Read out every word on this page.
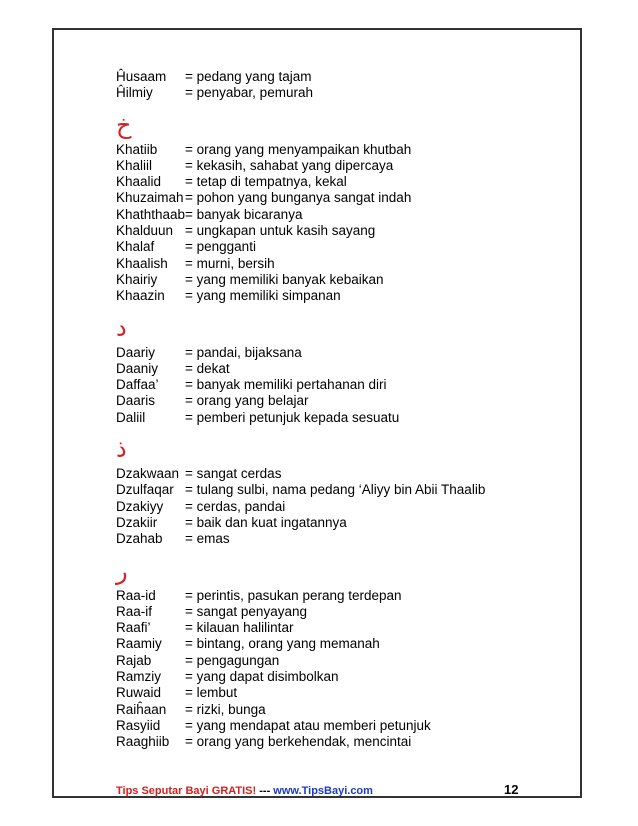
Ĥusaam	= pedang yang tajam
Ĥilmiy	= penyabar, pemurah
خ
Khatiib	= orang yang menyampaikan khutbah
Khaliil	= kekasih, sahabat yang dipercaya
Khaalid	= tetap di tempatnya, kekal
Khuzaimah = pohon yang bunganya sangat indah
Khaththaab = banyak bicaranya
Khalduun = ungkapan untuk kasih sayang
Khalaf	= pengganti
Khaalish	= murni, bersih
Khairiy	= yang memiliki banyak kebaikan
Khaazin	= yang memiliki simpanan
د
Daariy	= pandai, bijaksana
Daaniy	= dekat
Daffaa’	= banyak memiliki pertahanan diri
Daaris	= orang yang belajar
Daliil	= pemberi petunjuk kepada sesuatu
ذ
Dzakwaan = sangat cerdas
Dzulfaqar = tulang sulbi, nama pedang ‘Aliyy bin Abii Thaalib
Dzakiyy	= cerdas, pandai
Dzakiir	= baik dan kuat ingatannya
Dzahab	= emas
ر
Raa-id	= perintis, pasukan perang terdepan
Raa-if	= sangat penyayang
Raafi’	= kilauan halilintar
Raamiy	= bintang, orang yang memanah
Rajab	= pengagungan
Ramziy	= yang dapat disimbolkan
Ruwaid	= lembut
Raiĥaan	= rizki, bunga
Rasyiid	= yang mendapat atau memberi petunjuk
Raaghiib	= orang yang berkehendak, mencintai
Tips Seputar Bayi GRATIS! --- www.TipsBayi.com	12
